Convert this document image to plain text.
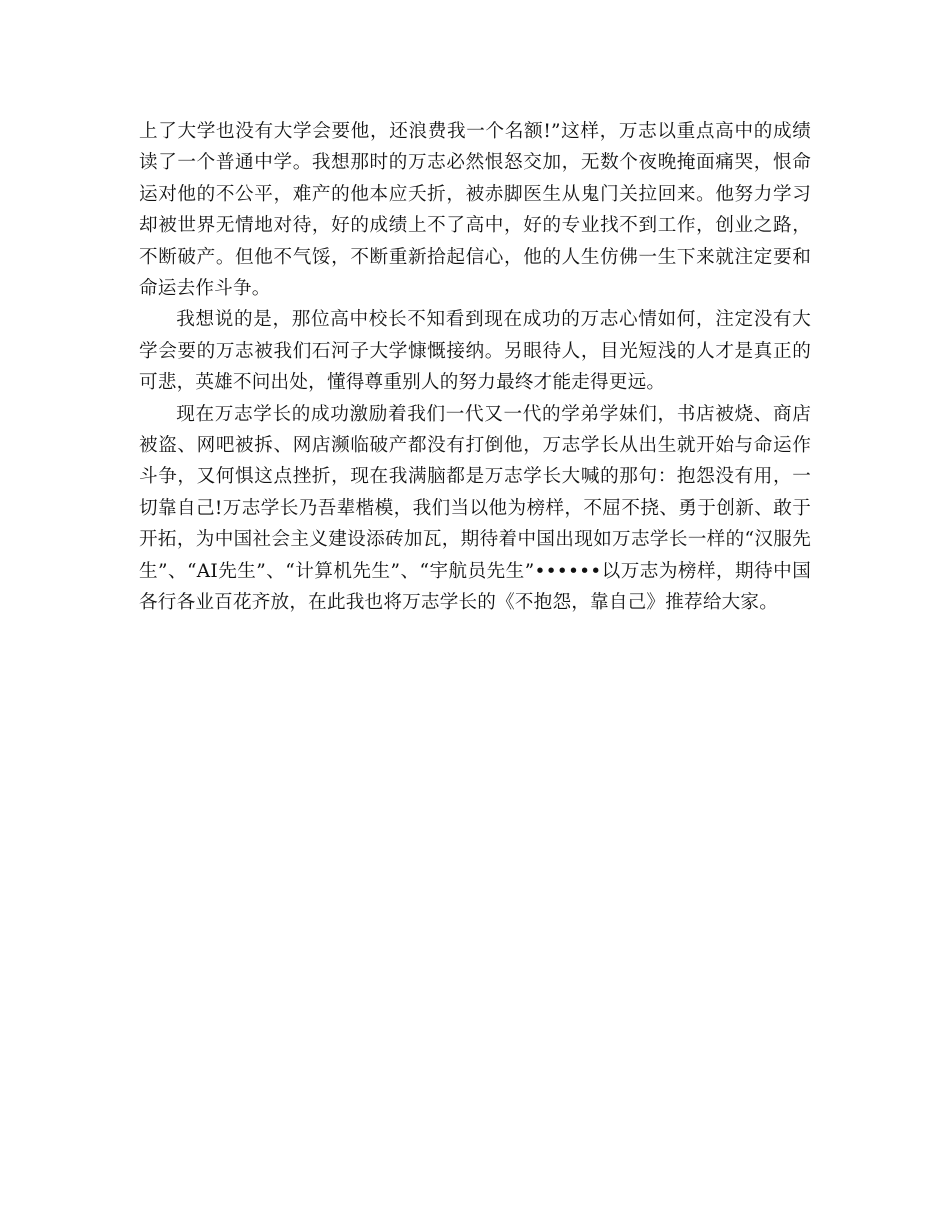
上了大学也没有大学会要他，还浪费我一个名额!”这样，万志以重点高中的成绩读了一个普通中学。我想那时的万志必然恨怒交加，无数个夜晚掩面痛哭，恨命运对他的不公平，难产的他本应夭折，被赤脚医生从鬼门关拉回来。他努力学习却被世界无情地对待，好的成绩上不了高中，好的专业找不到工作，创业之路，不断破产。但他不气馁，不断重新拾起信心，他的人生仿佛一生下来就注定要和命运去作斗争。

我想说的是，那位高中校长不知看到现在成功的万志心情如何，注定没有大学会要的万志被我们石河子大学慷慨接纳。另眼待人，目光短浅的人才是真正的可悲，英雄不问出处，懂得尊重别人的努力最终才能走得更远。

现在万志学长的成功激励着我们一代又一代的学弟学妹们，书店被烧、商店被盗、网吧被拆、网店濒临破产都没有打倒他，万志学长从出生就开始与命运作斗争，又何惧这点挫折，现在我满脑都是万志学长大喊的那句：抱怨没有用，一切靠自己!万志学长乃吾辈楷模，我们当以他为榜样，不屈不挠、勇于创新、敢于开拓，为中国社会主义建设添砖加瓦，期待着中国出现如万志学长一样的“汉服先生”、“AI先生”、“计算机先生”、“宇航员先生”••••••以万志为榜样，期待中国各行各业百花齐放，在此我也将万志学长的《不抱怨，靠自己》推荐给大家。
